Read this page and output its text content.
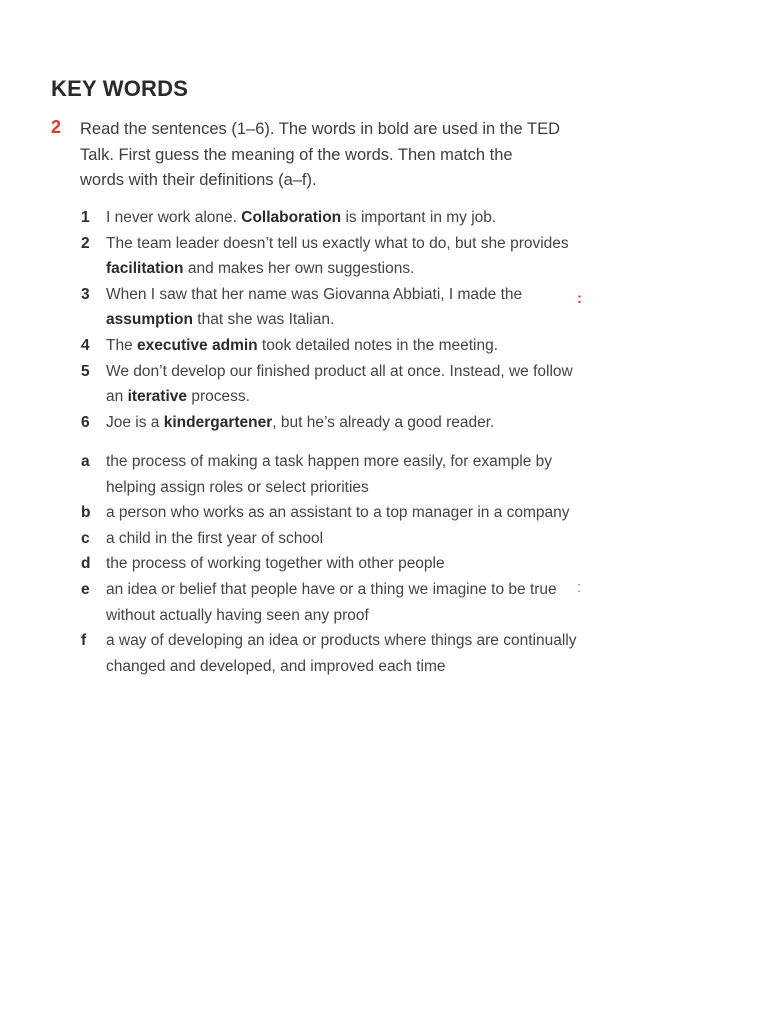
KEY WORDS
2 Read the sentences (1–6). The words in bold are used in the TED Talk. First guess the meaning of the words. Then match the words with their definitions (a–f).
1 I never work alone. Collaboration is important in my job.
2 The team leader doesn’t tell us exactly what to do, but she provides facilitation and makes her own suggestions.
3 When I saw that her name was Giovanna Abbiati, I made the assumption that she was Italian.
4 The executive admin took detailed notes in the meeting.
5 We don’t develop our finished product all at once. Instead, we follow an iterative process.
6 Joe is a kindergartener, but he’s already a good reader.
a the process of making a task happen more easily, for example by helping assign roles or select priorities
b a person who works as an assistant to a top manager in a company
c a child in the first year of school
d the process of working together with other people
e an idea or belief that people have or a thing we imagine to be true without actually having seen any proof
f a way of developing an idea or products where things are continually changed and developed, and improved each time
:
:
